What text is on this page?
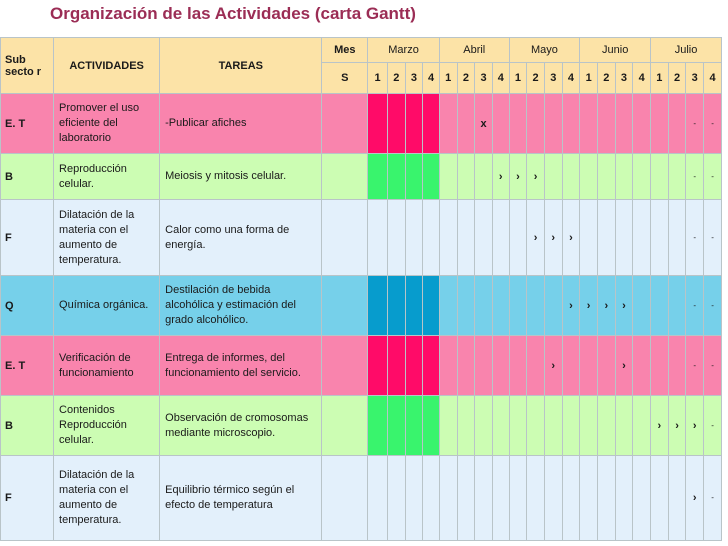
Organización de las Actividades (carta Gantt)
Sub secto r	ACTIVIDADES	TAREAS	Mes	Marzo				Abril				Mayo				Junio				Julio			
			S	1	2	3	4	1	2	3	4	1	2	3	4	1	2	3	4	1	2	3	4
E. T	Promover el uso eficiente del laboratorio	-Publicar afiches								x												-	-
B	Reproducción celular.	Meiosis y mitosis celular.									›	›	›									-	-
F	Dilatación de la materia con el aumento de temperatura.	Calor como una forma de energía.											›	›	›							-	-
Q	Química orgánica.	Destilación de bebida alcohólica y estimación del grado alcohólico.													›	›	›	›				-	-
E. T	Verificación de funcionamiento	Entrega de informes, del funcionamiento del servicio.												›				›				-	-
B	Contenidos Reproducción celular.	Observación de cromosomas mediante microscopio.																		›	›	›	-
F	Dilatación de la materia con el aumento de temperatura.	Equilibrio térmico según el efecto de temperatura																				›	-
